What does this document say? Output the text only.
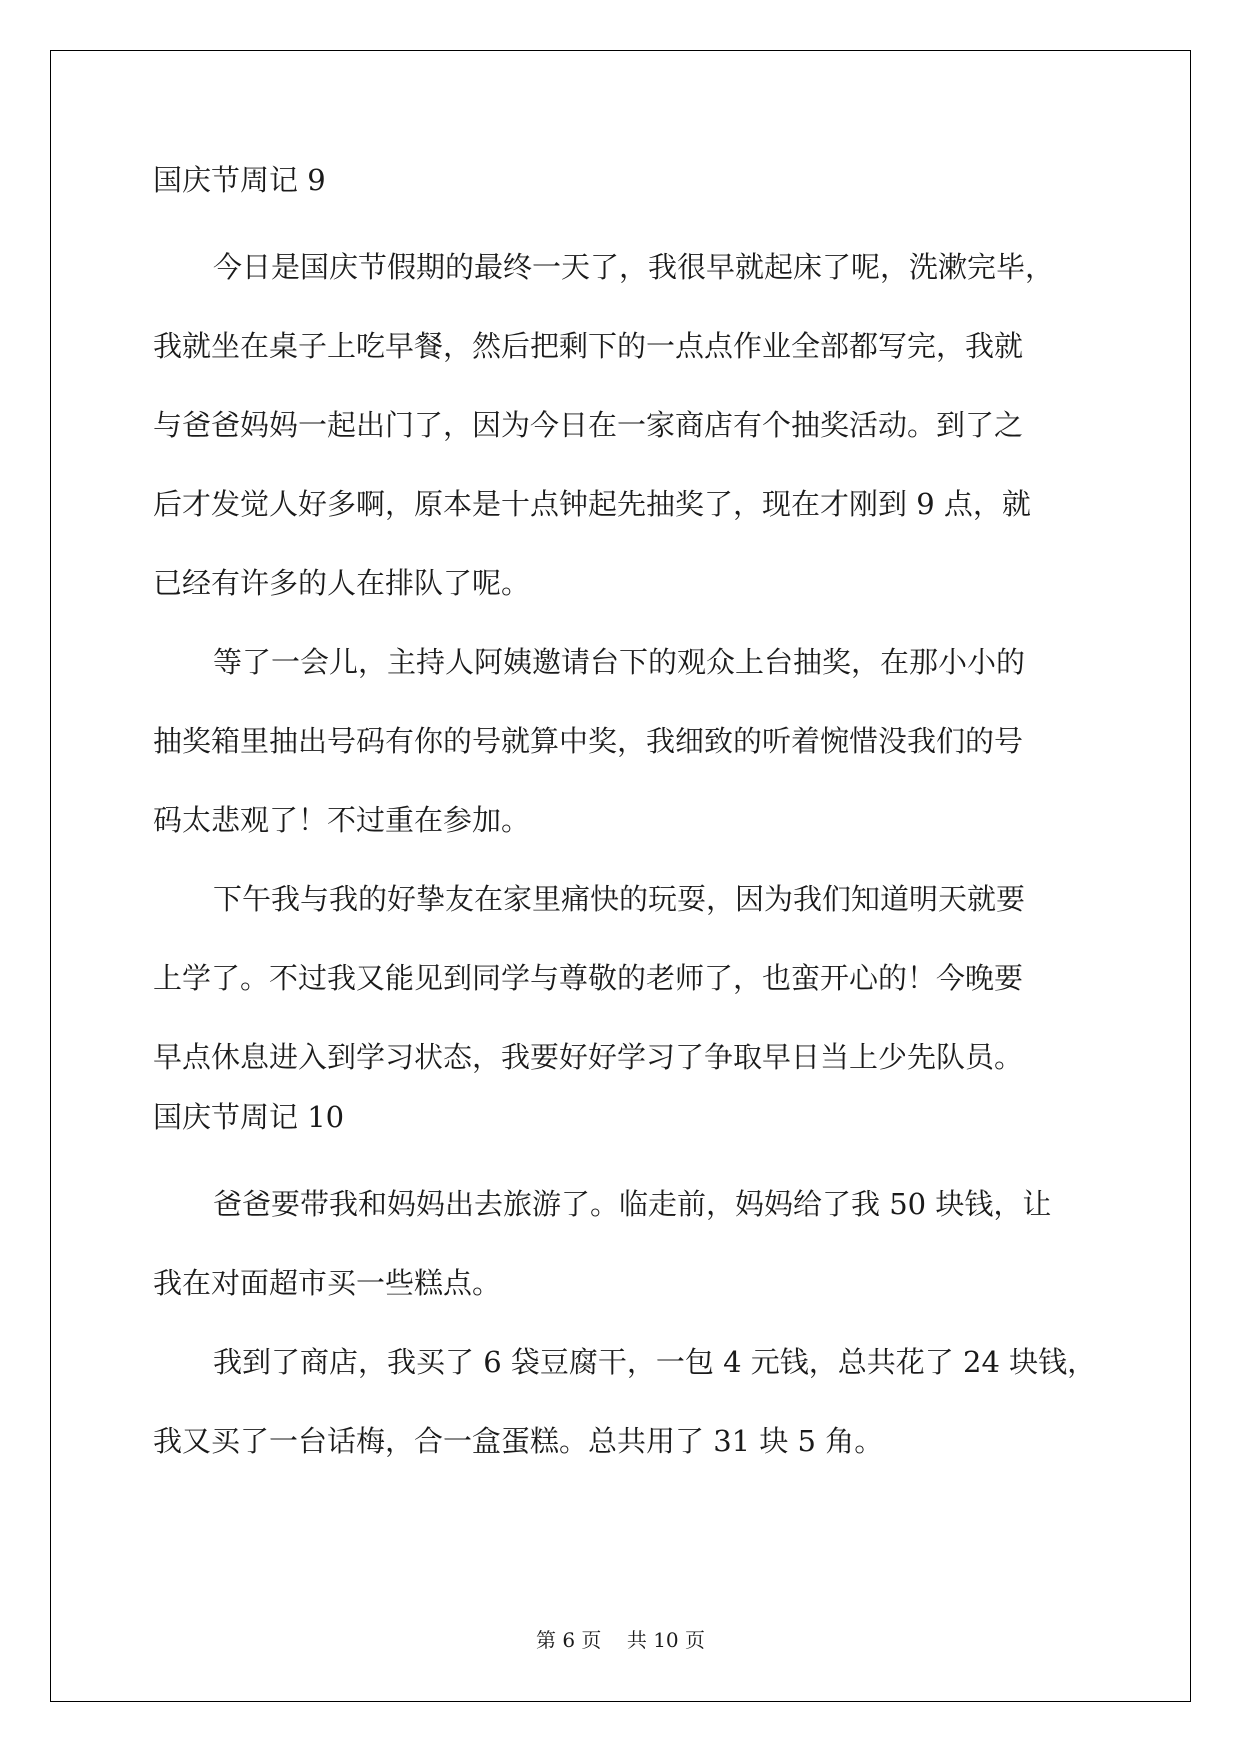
国庆节周记 9
今日是国庆节假期的最终一天了，我很早就起床了呢，洗漱完毕，
我就坐在桌子上吃早餐，然后把剩下的一点点作业全部都写完，我就
与爸爸妈妈一起出门了，因为今日在一家商店有个抽奖活动。到了之
后才发觉人好多啊，原本是十点钟起先抽奖了，现在才刚到 9 点，就
已经有许多的人在排队了呢。
等了一会儿，主持人阿姨邀请台下的观众上台抽奖，在那小小的
抽奖箱里抽出号码有你的号就算中奖，我细致的听着惋惜没我们的号
码太悲观了！不过重在参加。
下午我与我的好挚友在家里痛快的玩耍，因为我们知道明天就要
上学了。不过我又能见到同学与尊敬的老师了，也蛮开心的！今晚要
早点休息进入到学习状态，我要好好学习了争取早日当上少先队员。
国庆节周记 10
爸爸要带我和妈妈出去旅游了。临走前，妈妈给了我 50 块钱，让
我在对面超市买一些糕点。
我到了商店，我买了 6 袋豆腐干，一包 4 元钱，总共花了 24 块钱，
我又买了一台话梅，合一盒蛋糕。总共用了 31 块 5 角。
第 6 页    共 10 页
